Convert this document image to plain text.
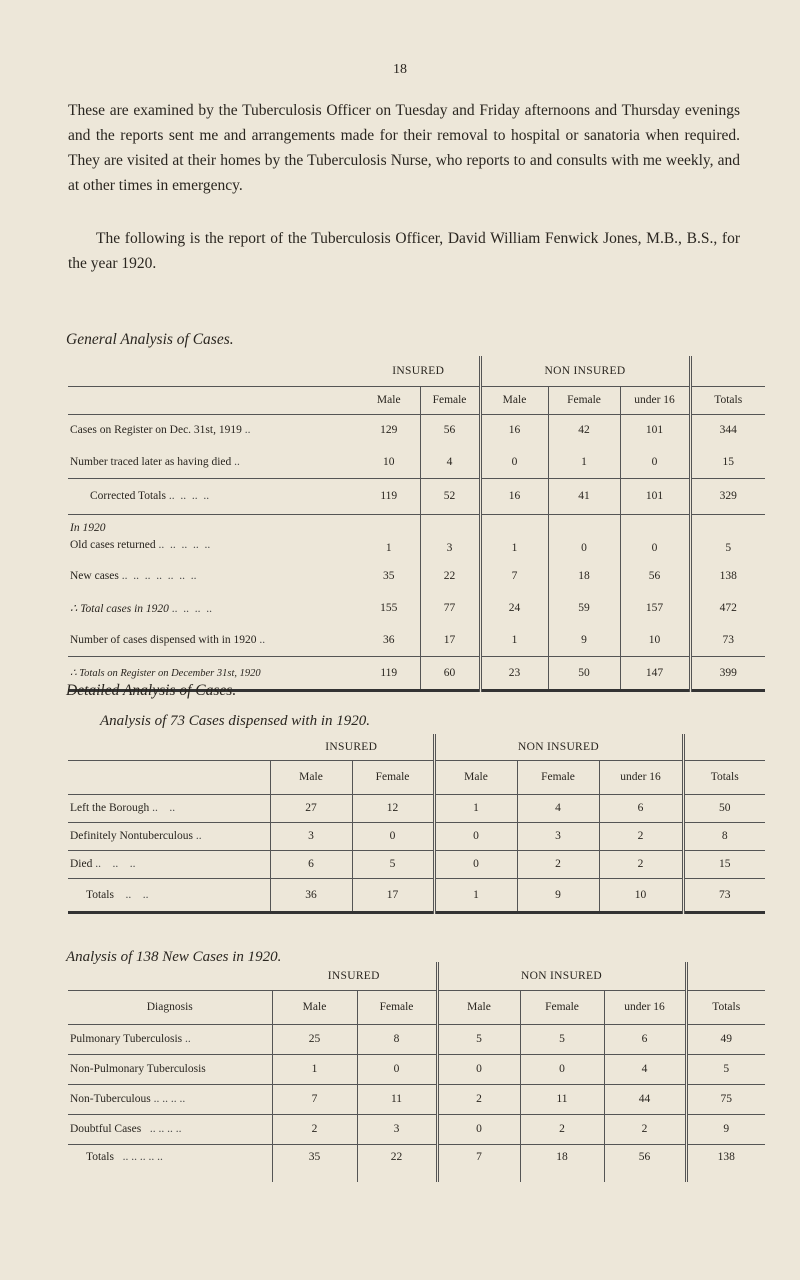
18

These are examined by the Tuberculosis Officer on Tuesday and Friday afternoons and Thursday evenings and the reports sent me and arrangements made for their removal to hospital or sanatoria when required. They are visited at their homes by the Tuberculosis Nurse, who reports to and consults with me weekly, and at other times in emergency.

The following is the report of the Tuberculosis Officer, David William Fenwick Jones, M.B., B.S., for the year 1920.

General Analysis of Cases.
	INSURED		NON INSURED			
	Male	Female	Male	Female	under 16	Totals
Cases on Register on Dec. 31st, 1919 ..	129	56	16	42	101	344
Number traced later as having died ..	10	4	0	1	0	15
Corrected Totals ..  ..  ..  ..	119	52	16	41	101	329
In 1920
Old cases returned ..  ..  ..  ..  ..	1	3	1	0	0	5
New cases ..  ..  ..  ..  ..  ..  ..	35	22	7	18	56	138
∴ Total cases in 1920 ..  ..  ..  ..	155	77	24	59	157	472
Number of cases dispensed with in 1920 ..	36	17	1	9	10	73
∴ Totals on Register on December 31st, 1920	119	60	23	50	147	399
Detailed Analysis of Cases.
Analysis of 73 Cases dispensed with in 1920.
	INSURED		NON INSURED			
	Male	Female	Male	Female	under 16	Totals
Left the Borough ..    ..	27	12	1	4	6	50
Definitely Nontuberculous ..	3	0	0	3	2	8
Died ..    ..    ..	6	5	0	2	2	15
Totals    ..    ..	36	17	1	9	10	73
Analysis of 138 New Cases in 1920.
	INSURED		NON INSURED			
Diagnosis	Male	Female	Male	Female	under 16	Totals
Pulmonary Tuberculosis ..	25	8	5	5	6	49
Non-Pulmonary Tuberculosis	1	0	0	0	4	5
Non-Tuberculous .. .. .. ..	7	11	2	11	44	75
Doubtful Cases   .. .. .. ..	2	3	0	2	2	9
Totals   .. .. .. .. ..	35	22	7	18	56	138
